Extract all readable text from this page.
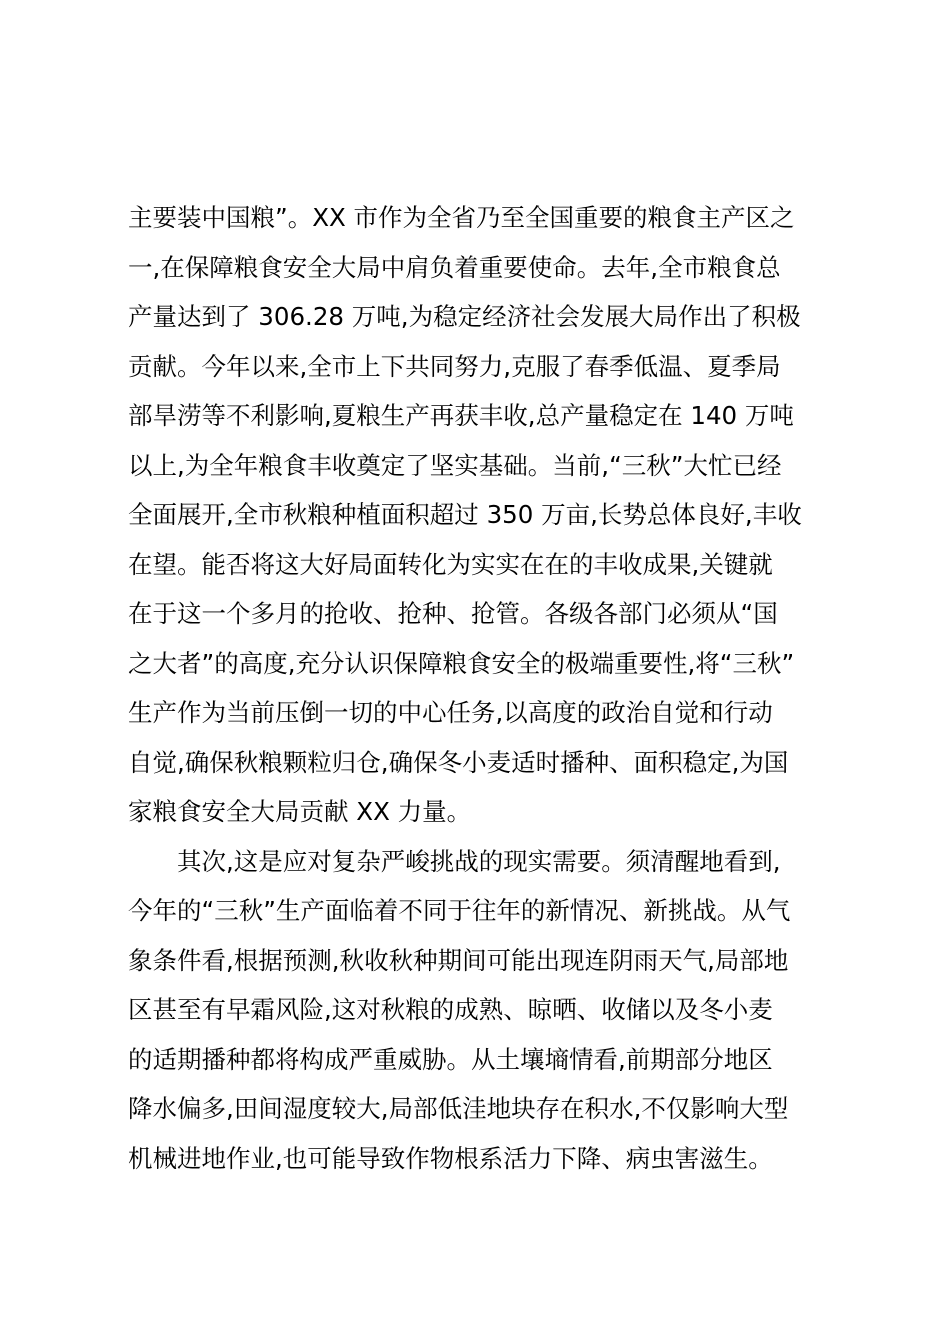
主要装中国粮”。XX 市作为全省乃至全国重要的粮食主产区之

一,在保障粮食安全大局中肩负着重要使命。去年,全市粮食总

产量达到了 306.28 万吨,为稳定经济社会发展大局作出了积极

贡献。今年以来,全市上下共同努力,克服了春季低温、夏季局

部旱涝等不利影响,夏粮生产再获丰收,总产量稳定在 140 万吨

以上,为全年粮食丰收奠定了坚实基础。当前,“三秋”大忙已经

全面展开,全市秋粮种植面积超过 350 万亩,长势总体良好,丰收

在望。能否将这大好局面转化为实实在在的丰收成果,关键就

在于这一个多月的抢收、抢种、抢管。各级各部门必须从“国

之大者”的高度,充分认识保障粮食安全的极端重要性,将“三秋”

生产作为当前压倒一切的中心任务,以高度的政治自觉和行动

自觉,确保秋粮颗粒归仓,确保冬小麦适时播种、面积稳定,为国

家粮食安全大局贡献 XX 力量。

其次,这是应对复杂严峻挑战的现实需要。须清醒地看到,

今年的“三秋”生产面临着不同于往年的新情况、新挑战。从气

象条件看,根据预测,秋收秋种期间可能出现连阴雨天气,局部地

区甚至有早霜风险,这对秋粮的成熟、晾晒、收储以及冬小麦

的适期播种都将构成严重威胁。从土壤墒情看,前期部分地区

降水偏多,田间湿度较大,局部低洼地块存在积水,不仅影响大型

机械进地作业,也可能导致作物根系活力下降、病虫害滋生。
